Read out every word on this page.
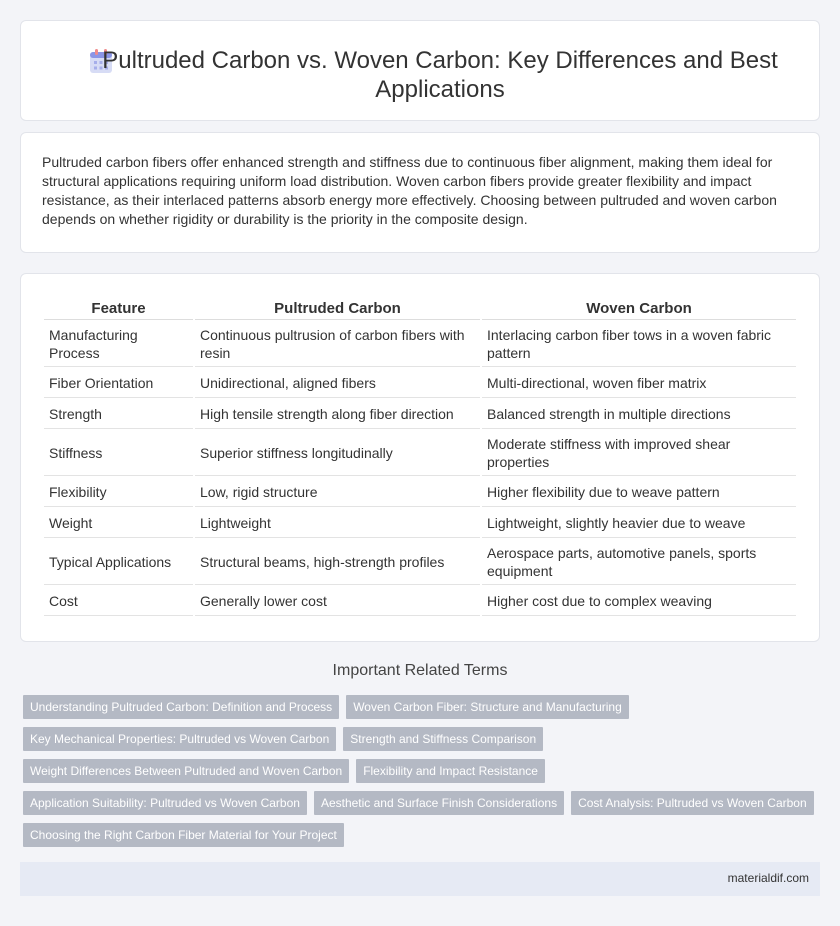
Pultruded Carbon vs. Woven Carbon: Key Differences and Best Applications

Pultruded carbon fibers offer enhanced strength and stiffness due to continuous fiber alignment, making them ideal for structural applications requiring uniform load distribution. Woven carbon fibers provide greater flexibility and impact resistance, as their interlaced patterns absorb energy more effectively. Choosing between pultruded and woven carbon depends on whether rigidity or durability is the priority in the composite design.

Feature	Pultruded Carbon	Woven Carbon
Manufacturing Process	Continuous pultrusion of carbon fibers with resin	Interlacing carbon fiber tows in a woven fabric pattern
Fiber Orientation	Unidirectional, aligned fibers	Multi-directional, woven fiber matrix
Strength	High tensile strength along fiber direction	Balanced strength in multiple directions
Stiffness	Superior stiffness longitudinally	Moderate stiffness with improved shear properties
Flexibility	Low, rigid structure	Higher flexibility due to weave pattern
Weight	Lightweight	Lightweight, slightly heavier due to weave
Typical Applications	Structural beams, high-strength profiles	Aerospace parts, automotive panels, sports equipment
Cost	Generally lower cost	Higher cost due to complex weaving
Important Related Terms
Understanding Pultruded Carbon: Definition and Process	Woven Carbon Fiber: Structure and Manufacturing
Key Mechanical Properties: Pultruded vs Woven Carbon	Strength and Stiffness Comparison
Weight Differences Between Pultruded and Woven Carbon	Flexibility and Impact Resistance
Application Suitability: Pultruded vs Woven Carbon	Aesthetic and Surface Finish Considerations	Cost Analysis: Pultruded vs Woven Carbon
Choosing the Right Carbon Fiber Material for Your Project
materialdif.com
